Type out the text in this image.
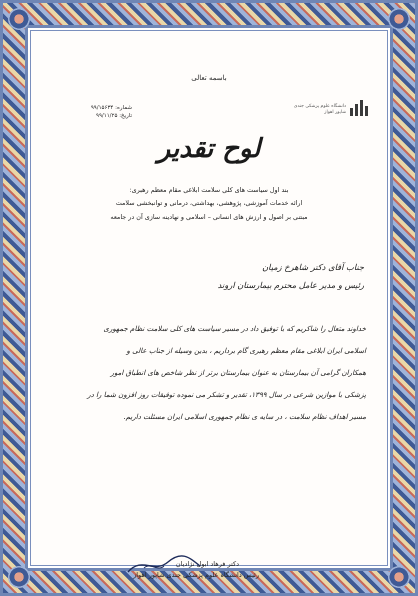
باسمه تعالی
دانشگاه علوم پزشکی جندی شاپور اهواز
شماره: ۹۹/۱۵۶۳۴
تاریخ: ۹۹/۱۱/۲۵
لوح تقدیر
بند اول سیاست های کلی سلامت ابلاغی مقام معظم رهبری:
ارائه خدمات آموزشی، پژوهشی، بهداشتی، درمانی و توانبخشی سلامت
مبتنی بر اصول و ارزش های انسانی – اسلامی و نهادینه سازی آن در جامعه
جناب آقای دکتر شاهرخ زمیان
رئیس و مدیر عامل محترم بیمارستان اروند
خداوند متعال را شاکریم که با توفیق داد در مسیر سیاست های کلی سلامت نظام جمهوری
اسلامی ایران ابلاغی مقام معظم رهبری گام برداریم ، بدین وسیله از جناب عالی و
همکاران گرامی آن بیمارستان به عنوان بیمارستان برتر از نظر شاخص های انطباق امور
پزشکی با موازین شرعی در سال ۱۳۹۹، تقدیر و تشکر می نموده توفیقات روز افزون شما را در
مسیر اهداف نظام سلامت ، در سایه ی نظام جمهوری اسلامی ایران مسئلت داریم.
دکتر فرهاد ابول نژادیان
رئیس دانشگاه علوم پزشکی جندی شاپور اهواز
